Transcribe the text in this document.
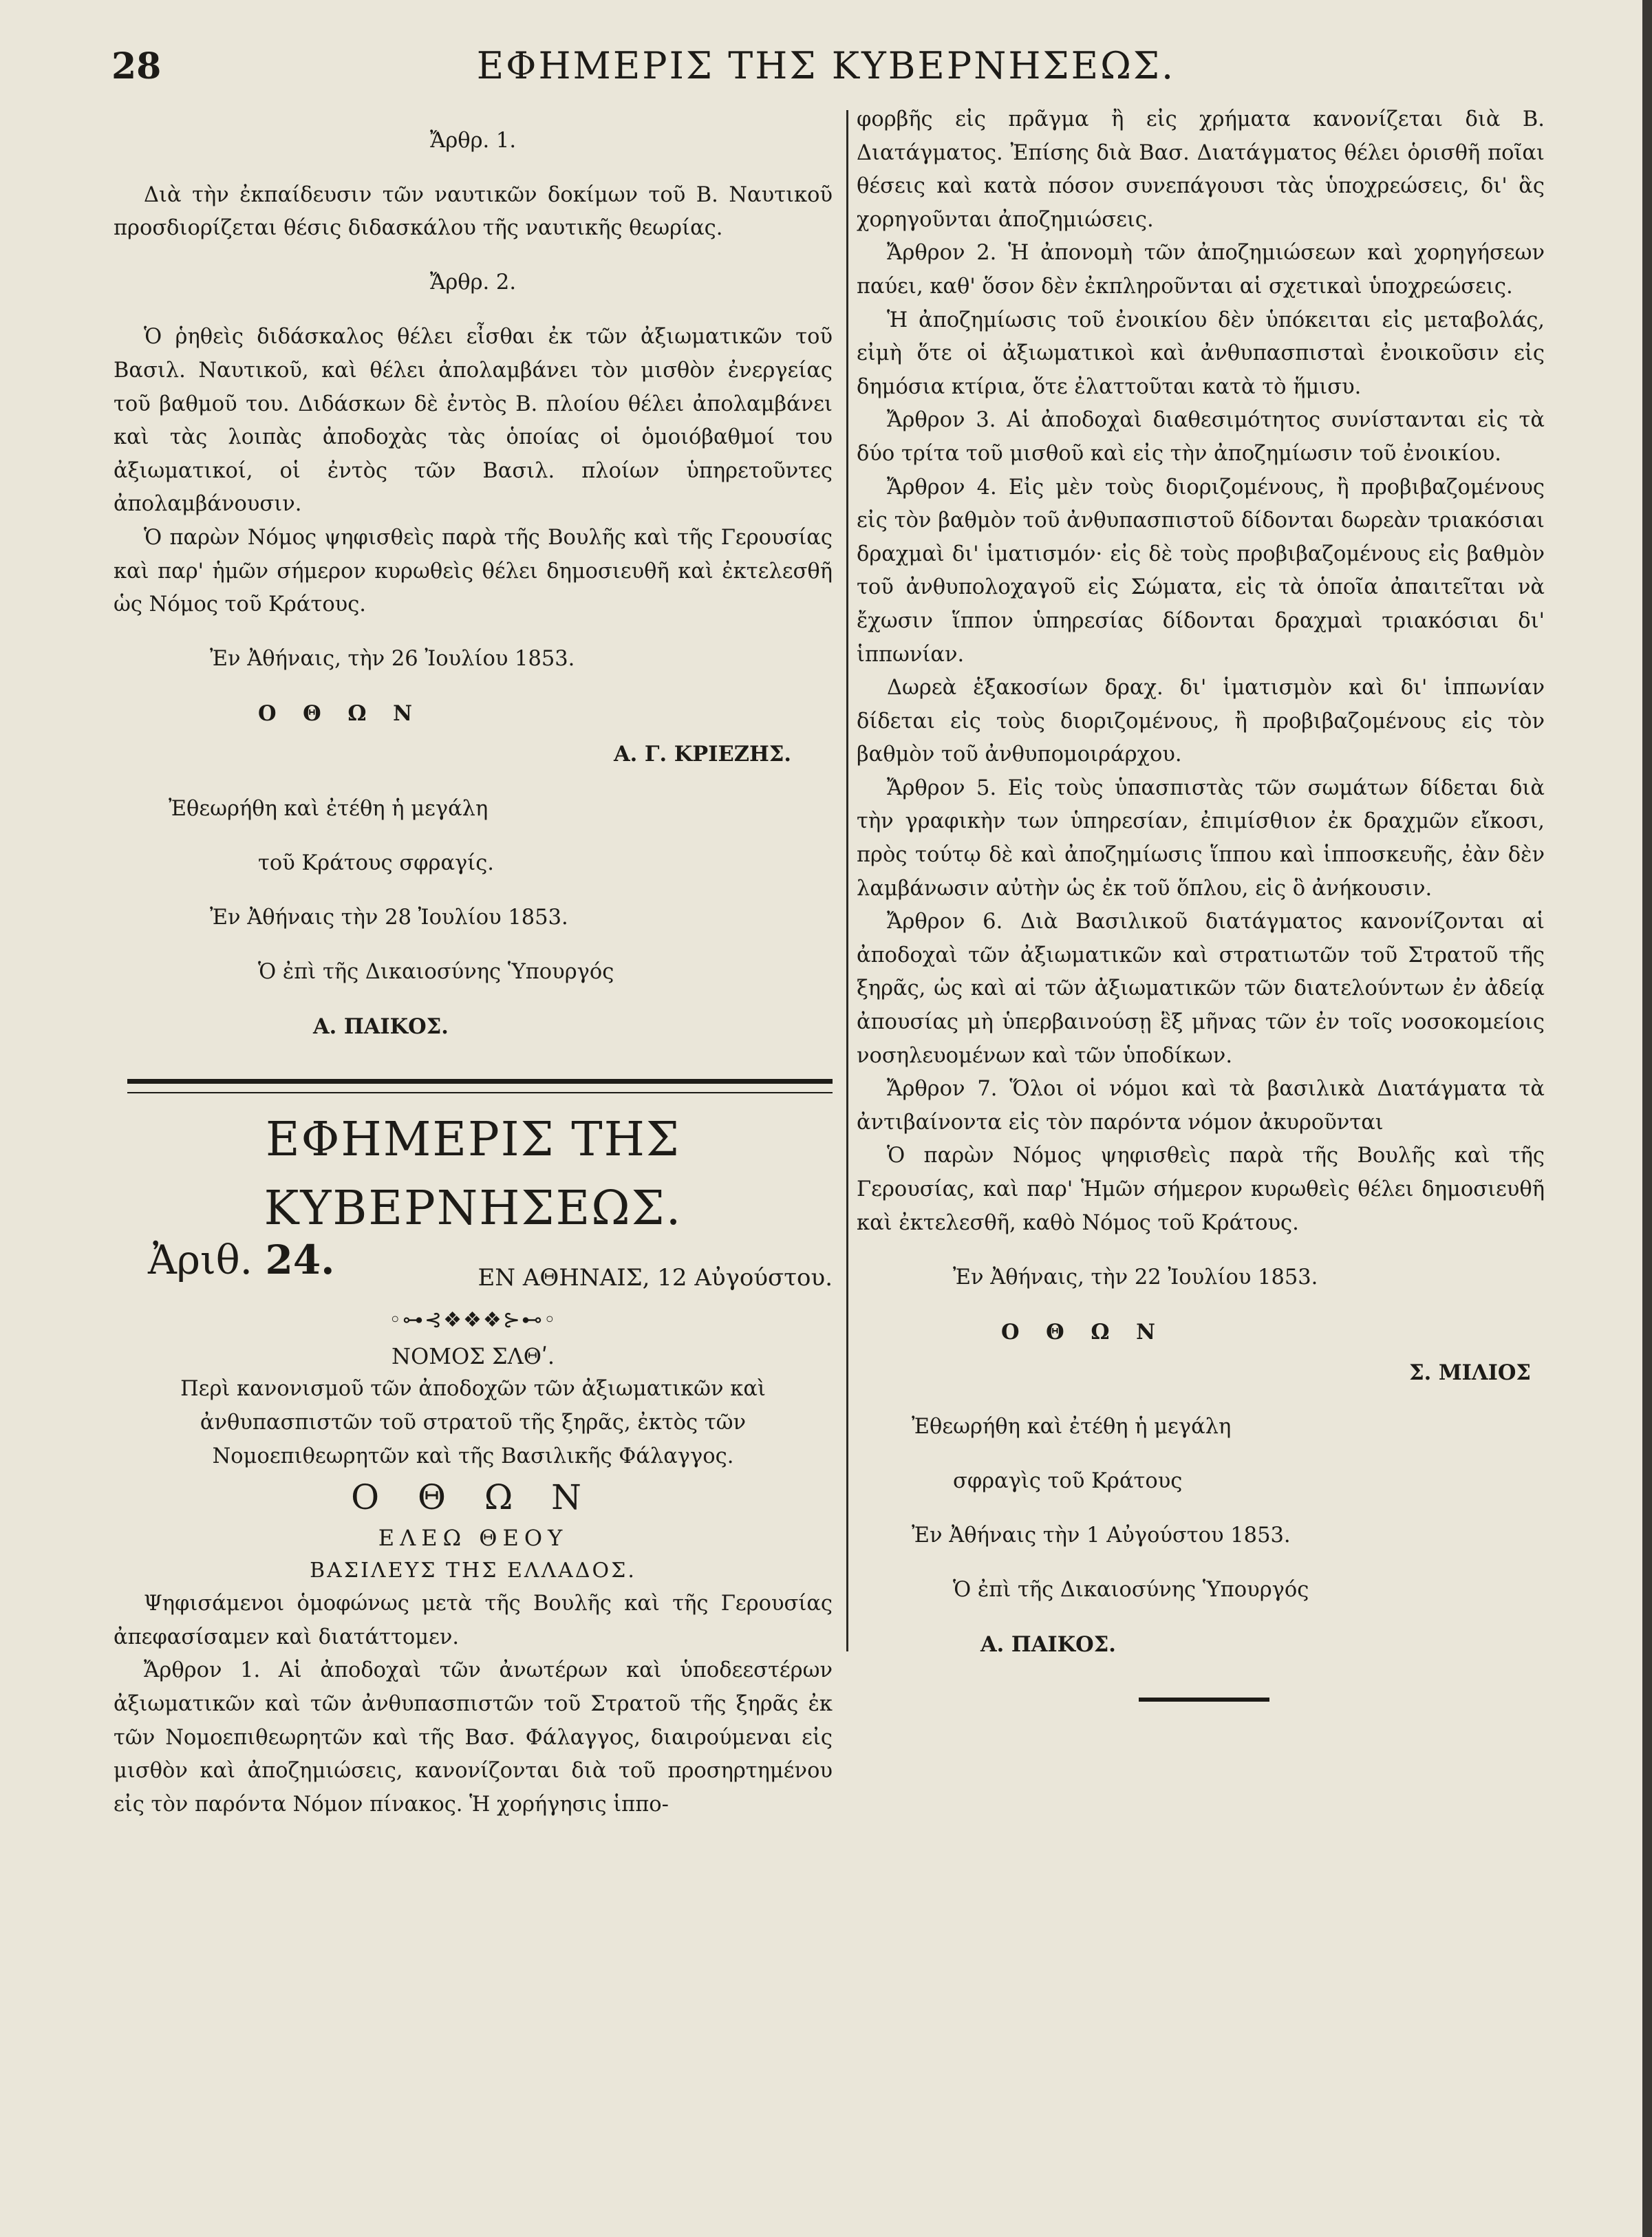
28	ΕΦΗΜΕΡΙΣ ΤΗΣ ΚΥΒΕΡΝΗΣΕΩΣ.

Ἄρθρ. 1.

Διὰ τὴν ἐκπαίδευσιν τῶν ναυτικῶν δοκίμων τοῦ Β. Ναυτικοῦ προσδιορίζεται θέσις διδασκάλου τῆς ναυτικῆς θεωρίας.

Ἄρθρ. 2.

Ὁ ῥηθεὶς διδάσκαλος θέλει εἶσθαι ἐκ τῶν ἀξιωματικῶν τοῦ Βασιλ. Ναυτικοῦ, καὶ θέλει ἀπολαμβάνει τὸν μισθὸν ἐνεργείας τοῦ βαθμοῦ του. Διδάσκων δὲ ἐντὸς Β. πλοίου θέλει ἀπολαμβάνει καὶ τὰς λοιπὰς ἀποδοχὰς τὰς ὁποίας οἱ ὁμοιόβαθμοί του ἀξιωματικοί, οἱ ἐντὸς τῶν Βασιλ. πλοίων ὑπηρετοῦντες ἀπολαμβάνουσιν.

Ὁ παρὼν Νόμος ψηφισθεὶς παρὰ τῆς Βουλῆς καὶ τῆς Γερουσίας καὶ παρ' ἡμῶν σήμερον κυρωθεὶς θέλει δημοσιευθῆ καὶ ἐκτελεσθῆ ὡς Νόμος τοῦ Κράτους.

Ἐν Ἀθήναις, τὴν 26 Ἰουλίου 1853.

Ο Θ Ω Ν

Α. Γ. ΚΡΙΕΖΗΣ.

Ἐθεωρήθη καὶ ἐτέθη ἡ μεγάλη

τοῦ Κράτους σφραγίς.

Ἐν Ἀθήναις τὴν 28 Ἰουλίου 1853.

Ὁ ἐπὶ τῆς Δικαιοσύνης Ὑπουργός

Α. ΠΑΙΚΟΣ.

ΕΦΗΜΕΡΙΣ ΤΗΣ ΚΥΒΕΡΝΗΣΕΩΣ.

Ἀριθ. 24.	ΕΝ ΑΘΗΝΑΙΣ, 12 Αὐγούστου.

◦⊶⊰❖❖❖⊱⊷◦

ΝΟΜΟΣ ΣΛΘʹ.

Περὶ κανονισμοῦ τῶν ἀποδοχῶν τῶν ἀξιωματικῶν καὶ ἀνθυπασπιστῶν τοῦ στρατοῦ τῆς ξηρᾶς, ἐκτὸς τῶν Νομοεπιθεωρητῶν καὶ τῆς Βασιλικῆς Φάλαγγος.

Ο Θ Ω Ν

ΕΛΕΩ ΘΕΟΥ

ΒΑΣΙΛΕΥΣ ΤΗΣ ΕΛΛΑΔΟΣ.

Ψηφισάμενοι ὁμοφώνως μετὰ τῆς Βουλῆς καὶ τῆς Γερουσίας ἀπεφασίσαμεν καὶ διατάττομεν.

Ἄρθρον 1. Αἱ ἀποδοχαὶ τῶν ἀνωτέρων καὶ ὑποδεεστέρων ἀξιωματικῶν καὶ τῶν ἀνθυπασπιστῶν τοῦ Στρατοῦ τῆς ξηρᾶς ἐκ τῶν Νομοεπιθεωρητῶν καὶ τῆς Βασ. Φάλαγγος, διαιρούμεναι εἰς μισθὸν καὶ ἀποζημιώσεις, κανονίζονται διὰ τοῦ προσηρτημένου εἰς τὸν παρόντα Νόμον πίνακος. Ἡ χορήγησις ἱππο-

φορβῆς εἰς πρᾶγμα ἢ εἰς χρήματα κανονίζεται διὰ Β. Διατάγματος. Ἐπίσης διὰ Βασ. Διατάγματος θέλει ὁρισθῆ ποῖαι θέσεις καὶ κατὰ πόσον συνεπάγουσι τὰς ὑποχρεώσεις, δι' ἃς χορηγοῦνται ἀποζημιώσεις.

Ἄρθρον 2. Ἡ ἀπονομὴ τῶν ἀποζημιώσεων καὶ χορηγήσεων παύει, καθ' ὅσον δὲν ἐκπληροῦνται αἱ σχετικαὶ ὑποχρεώσεις.

Ἡ ἀποζημίωσις τοῦ ἐνοικίου δὲν ὑπόκειται εἰς μεταβολάς, εἰμὴ ὅτε οἱ ἀξιωματικοὶ καὶ ἀνθυπασπισταὶ ἐνοικοῦσιν εἰς δημόσια κτίρια, ὅτε ἐλαττοῦται κατὰ τὸ ἥμισυ.

Ἄρθρον 3. Αἱ ἀποδοχαὶ διαθεσιμότητος συνίστανται εἰς τὰ δύο τρίτα τοῦ μισθοῦ καὶ εἰς τὴν ἀποζημίωσιν τοῦ ἐνοικίου.

Ἄρθρον 4. Εἰς μὲν τοὺς διοριζομένους, ἢ προβιβαζομένους εἰς τὸν βαθμὸν τοῦ ἀνθυπασπιστοῦ δίδονται δωρεὰν τριακόσιαι δραχμαὶ δι' ἱματισμόν· εἰς δὲ τοὺς προβιβαζομένους εἰς βαθμὸν τοῦ ἀνθυπολοχαγοῦ εἰς Σώματα, εἰς τὰ ὁποῖα ἀπαιτεῖται νὰ ἔχωσιν ἵππον ὑπηρεσίας δίδονται δραχμαὶ τριακόσιαι δι' ἱππωνίαν.

Δωρεὰ ἑξακοσίων δραχ. δι' ἱματισμὸν καὶ δι' ἱππωνίαν δίδεται εἰς τοὺς διοριζομένους, ἢ προβιβαζομένους εἰς τὸν βαθμὸν τοῦ ἀνθυπομοιράρχου.

Ἄρθρον 5. Εἰς τοὺς ὑπασπιστὰς τῶν σωμάτων δίδεται διὰ τὴν γραφικὴν των ὑπηρεσίαν, ἐπιμίσθιον ἐκ δραχμῶν εἴκοσι, πρὸς τούτῳ δὲ καὶ ἀποζημίωσις ἵππου καὶ ἱπποσκευῆς, ἐὰν δὲν λαμβάνωσιν αὐτὴν ὡς ἐκ τοῦ ὅπλου, εἰς ὃ ἀνήκουσιν.

Ἄρθρον 6. Διὰ Βασιλικοῦ διατάγματος κανονίζονται αἱ ἀποδοχαὶ τῶν ἀξιωματικῶν καὶ στρατιωτῶν τοῦ Στρατοῦ τῆς ξηρᾶς, ὡς καὶ αἱ τῶν ἀξιωματικῶν τῶν διατελούντων ἐν ἀδείᾳ ἀπουσίας μὴ ὑπερβαινούσῃ ἓξ μῆνας τῶν ἐν τοῖς νοσοκομείοις νοσηλευομένων καὶ τῶν ὑποδίκων.

Ἄρθρον 7. Ὅλοι οἱ νόμοι καὶ τὰ βασιλικὰ Διατάγματα τὰ ἀντιβαίνοντα εἰς τὸν παρόντα νόμον ἀκυροῦνται

Ὁ παρὼν Νόμος ψηφισθεὶς παρὰ τῆς Βουλῆς καὶ τῆς Γερουσίας, καὶ παρ' Ἡμῶν σήμερον κυρωθεὶς θέλει δημοσιευθῆ καὶ ἐκτελεσθῆ, καθὸ Νόμος τοῦ Κράτους.

Ἐν Ἀθήναις, τὴν 22 Ἰουλίου 1853.

Ο Θ Ω Ν

Σ. ΜΙΛΙΟΣ

Ἐθεωρήθη καὶ ἐτέθη ἡ μεγάλη

σφραγὶς τοῦ Κράτους

Ἐν Ἀθήναις τὴν 1 Αὐγούστου 1853.

Ὁ ἐπὶ τῆς Δικαιοσύνης Ὑπουργός

Α. ΠΑΙΚΟΣ.
